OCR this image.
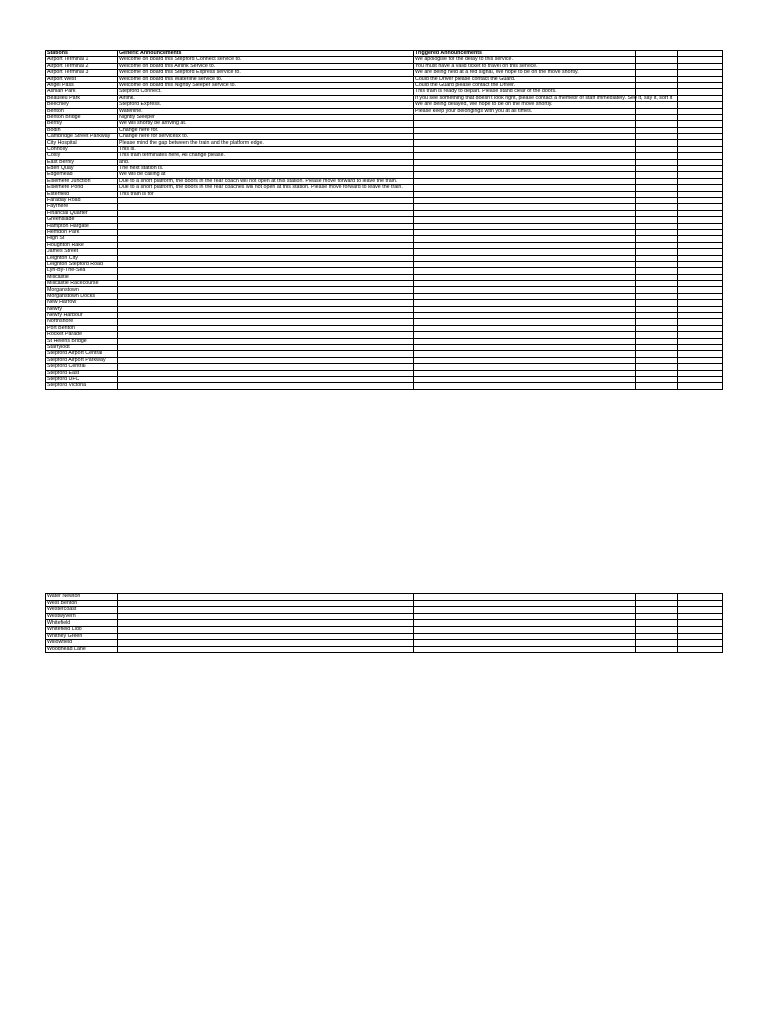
Stations	Generic Announcements	Triggered Announcements		
Airport Terminal 1	Welcome on board this Stepford Connect service to.	We apologise for the delay to this service.		
Airport Terminal 2	Welcome on board this Airlink Service to.	You must have a valid ticket to travel on this service.		
Airport Terminal 3	Welcome on board this Stepford Express service to.	We are being held at a red signal, We hope to be on the move shortly.		
Airport West	Welcome on board this Waterline service to.	Could the Driver please contact the Guard.		
Angel Pass	Welcome on board this Nightly Sleeper service to.	Could the Guard please contact the Driver.		
Ashlan Park	Stepford Connect.	This train is ready to depart. Please stand clear of the doors.		
Beaulieu Park	Airlink.	If you see something that doesn't look right, please contact a memebr of staff immediately. See it, say it, sort it		
Beechley	Stepford Express.	We are being delayed, We hope to be on the move shortly.		
Benton	Waterline.	Please keep your belongings with you at all times.		
Benton Bridge	Nightly Sleeper			
Bernly	We will shortly be arriving at.			
Bodin	Change here for.			
Cambridge Street Parkway	Change here for servicesx to.			
City Hospital	Please mind the gap between the train and the platform edge.			
Connolly	This is.			
Coxly	This train terminates here, All change please.			
East Berrily	and.			
Eden Quay	The next station is.			
Edgemead	We will be calling at			
Elsemere Junction	Due to a short platform, the doors in the rear coach will not open at this station. Please move forward to leave the train.			
Elsemere Pond	Due to a short platform, the doors in the rear coaches will not open at this station. Please move forward to leave the train.			
Esterfield	This train is for			
Faraday Road				
Fayrnere				
Financial Quarter				
Greenslade				
Hampton Hargate				
Hemdon Park				
High St				
Houghton Rake				
James Street				
Leighton City				
Leighton Stepford Road				
Lyn-By-The-Sea				
Millcastle				
Millcastle Racecourse				
Morganstown				
Morganstown Docks				
New Harrow				
Newry				
Newry Harbour				
Northshore				
Port Benton				
Rocket Parade				
St Helens Bridge				
Starrylodt				
Stepford Airport Central				
Stepford Airport Parkway				
Stepford Central				
Stepford East				
Stepford UFC				
Stepford Victoria				
Water Newton				
West Benton				
Westercoast				
Westwyvern				
Whitefield				
Whitefield Lido				
Whitney Green				
Willowfield				
Woodhead Lane				
